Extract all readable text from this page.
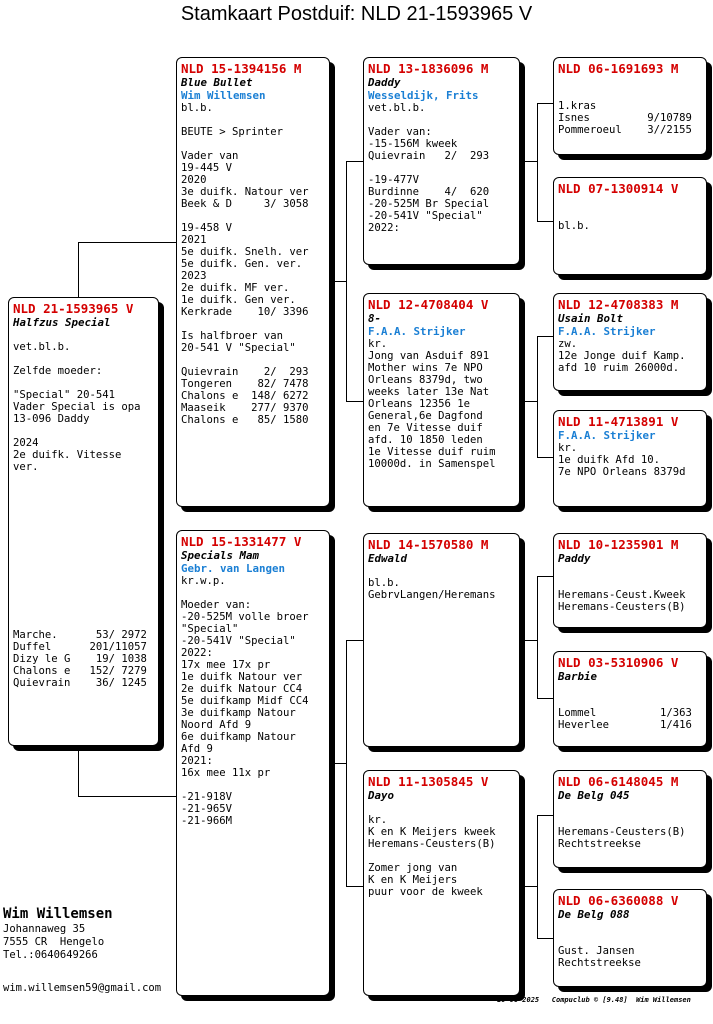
Stamkaart Postduif: NLD 21-1593965 V
NLD 21-1593965 V
Halfzus Special

vet.bl.b.

Zelfde moeder:

"Special" 20-541
Vader Special is opa
13-096 Daddy

2024
2e duifk. Vitesse
ver.

Marche.      53/ 2972
Duffel      201/11057
Dizy le G    19/ 1038
Chalons e   152/ 7279
Quievrain    36/ 1245
NLD 15-1394156 M
Blue Bullet
Wim Willemsen
bl.b.

BEUTE > Sprinter

Vader van
19-445 V
2020
3e duifk. Natour ver
Beek & D     3/ 3058

19-458 V
2021
5e duifk. Snelh. ver
5e duifk. Gen. ver.
2023
2e duifk. MF ver.
1e duifk. Gen ver.
Kerkrade    10/ 3396

Is halfbroer van
20-541 V "Special"

Quievrain    2/  293
Tongeren    82/ 7478
Chalons e  148/ 6272
Maaseik    277/ 9370
Chalons e   85/ 1580
NLD 15-1331477 V
Specials Mam
Gebr. van Langen
kr.w.p.

Moeder van:
-20-525M volle broer
"Special"
-20-541V "Special"
2022:
17x mee 17x pr
1e duifk Natour ver
2e duifk Natour CC4
5e duifkamp Midf CC4
3e duifkamp Natour
Noord Afd 9
6e duifkamp Natour
Afd 9
2021:
16x mee 11x pr

-21-918V
-21-965V
-21-966M
NLD 13-1836096 M
Daddy
Wesseldijk, Frits
vet.bl.b.

Vader van:
-15-156M kweek
Quievrain   2/  293

-19-477V
Burdinne    4/  620
-20-525M Br Special
-20-541V "Special"
2022:
NLD 12-4708404 V
8-
F.A.A. Strijker
kr.
Jong van Asduif 891
Mother wins 7e NPO
Orleans 8379d, two
weeks later 13e Nat
Orleans 12356 1e
General,6e Dagfond
en 7e Vitesse duif
afd. 10 1850 leden
1e Vitesse duif ruim
10000d. in Samenspel
NLD 14-1570580 M
Edwald

bl.b.
GebrvLangen/Heremans
NLD 11-1305845 V
Dayo

kr.
K en K Meijers kweek
Heremans-Ceusters(B)

Zomer jong van
K en K Meijers
puur voor de kweek
NLD 06-1691693 M

1.kras
Isnes         9/10789
Pommeroeul    3//2155
NLD 07-1300914 V

bl.b.
NLD 12-4708383 M
Usain Bolt
F.A.A. Strijker
zw.
12e Jonge duif Kamp.
afd 10 ruim 26000d.
NLD 11-4713891 V
F.A.A. Strijker
kr.
1e duifk Afd 10.
7e NPO Orleans 8379d
NLD 10-1235901 M
Paddy

Heremans-Ceust.Kweek
Heremans-Ceusters(B)
NLD 03-5310906 V
Barbie

Lommel          1/363
Heverlee        1/416
NLD 06-6148045 M
De Belg 045

Heremans-Ceusters(B)
Rechtstreekse
NLD 06-6360088 V
De Belg 088

Gust. Jansen
Rechtstreekse
Wim Willemsen
Johannaweg 35
7555 CR  Hengelo
Tel.:0640649266
wim.willemsen59@gmail.com
10-06-2025   Compuclub © [9.48]  Wim Willemsen
